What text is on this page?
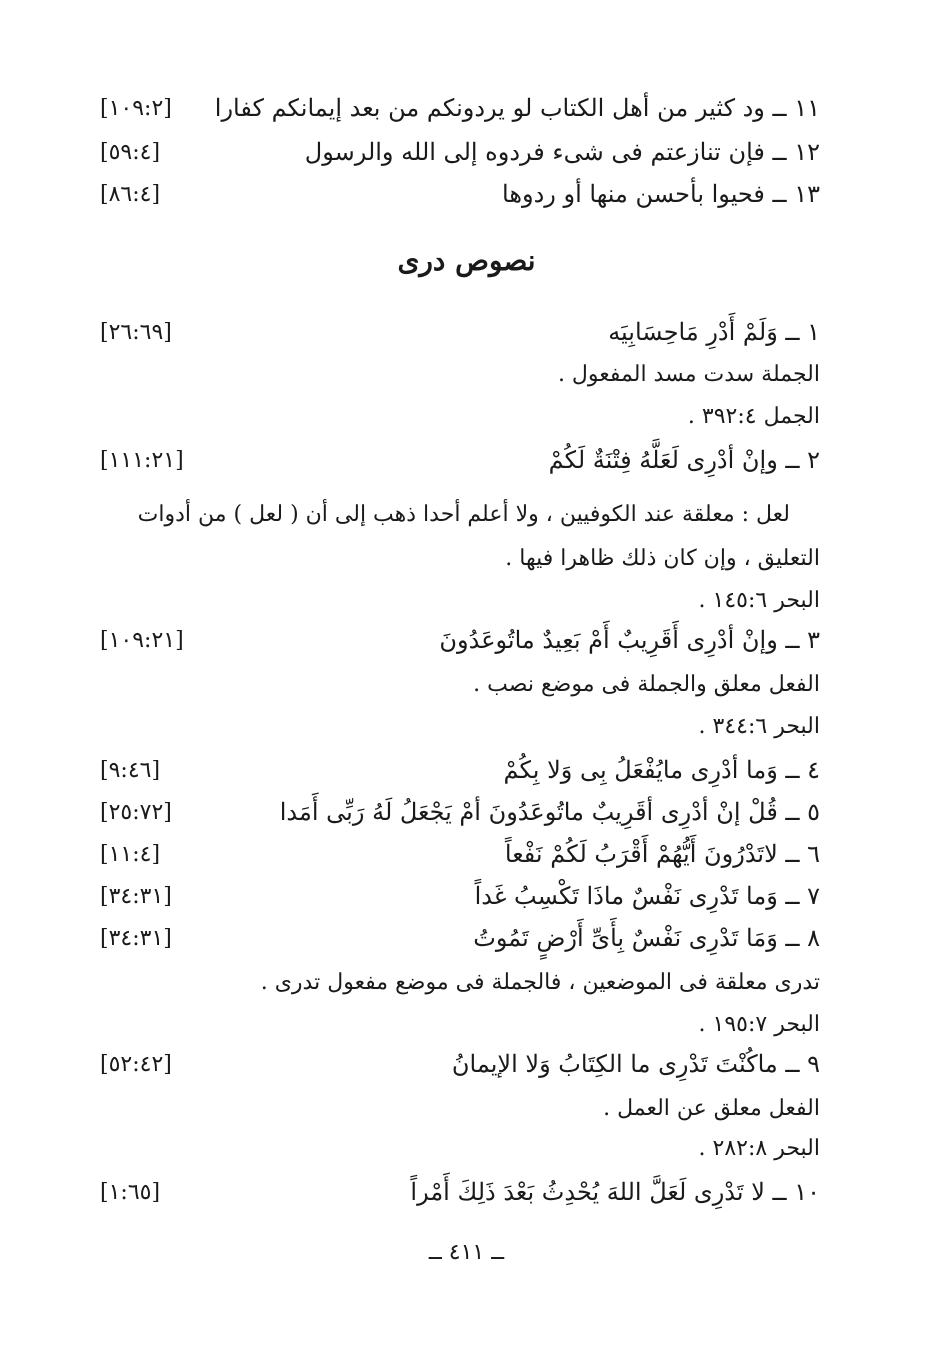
١١ ــ ود كثير من أهل الكتاب لو يردونكم من بعد إيمانكم كفارا
[١٠٩:٢]
١٢ ــ فإن تنازعتم فى شىء فردوه إلى الله والرسول
[٥٩:٤]
١٣ ــ فحيوا بأحسن منها أو ردوها
[٨٦:٤]
نصوص درى
١ ــ وَلَمْ أَدْرِ مَاحِسَابِيَه
[٢٦:٦٩]
الجملة سدت مسد المفعول .
الجمل ٣٩٢:٤ .
٢ ــ وإنْ أدْرِى لَعَلَّهُ فِتْنَةٌ لَكُمْ
[١١١:٢١]
لعل : معلقة عند الكوفيين ، ولا أعلم أحدا ذهب إلى أن ( لعل ) من أدوات
التعليق ، وإن كان ذلك ظاهرا فيها .
البحر ١٤٥:٦ .
٣ ــ وإنْ أدْرِى أَقَرِيبٌ أَمْ بَعِيدٌ ماتُوعَدُونَ
[١٠٩:٢١]
الفعل معلق والجملة فى موضع نصب .
البحر ٣٤٤:٦ .
٤ ــ وَما أدْرِى مايُفْعَلُ بِى وَلا بِكُمْ
[٩:٤٦]
٥ ــ قُلْ إنْ أدْرِى أقَرِيبٌ ماتُوعَدُونَ أمْ يَجْعَلُ لَهُ رَبِّى أَمَدا
[٢٥:٧٢]
٦ ــ لاتَدْرُونَ أَيُّهُمْ أَقْرَبُ لَكُمْ نَفْعاً
[١١:٤]
٧ ــ وَما تَدْرِى نَفْسٌ ماذَا تَكْسِبُ غَداً
[٣٤:٣١]
٨ ــ وَمَا تَدْرِى نَفْسٌ بِأَىِّ أَرْضٍ تَمُوتُ
[٣٤:٣١]
تدرى معلقة فى الموضعين ، فالجملة فى موضع مفعول تدرى .
البحر ١٩٥:٧ .
٩ ــ ماكُنْتَ تَدْرِى ما الكِتَابُ وَلا الإيمانُ
[٥٢:٤٢]
الفعل معلق عن العمل .
البحر ٢٨٢:٨ .
١٠ ــ لا تَدْرِى لَعَلَّ اللهَ يُحْدِثُ بَعْدَ ذَلِكَ أَمْراً
[١:٦٥]
ــ ٤١١ ــ
